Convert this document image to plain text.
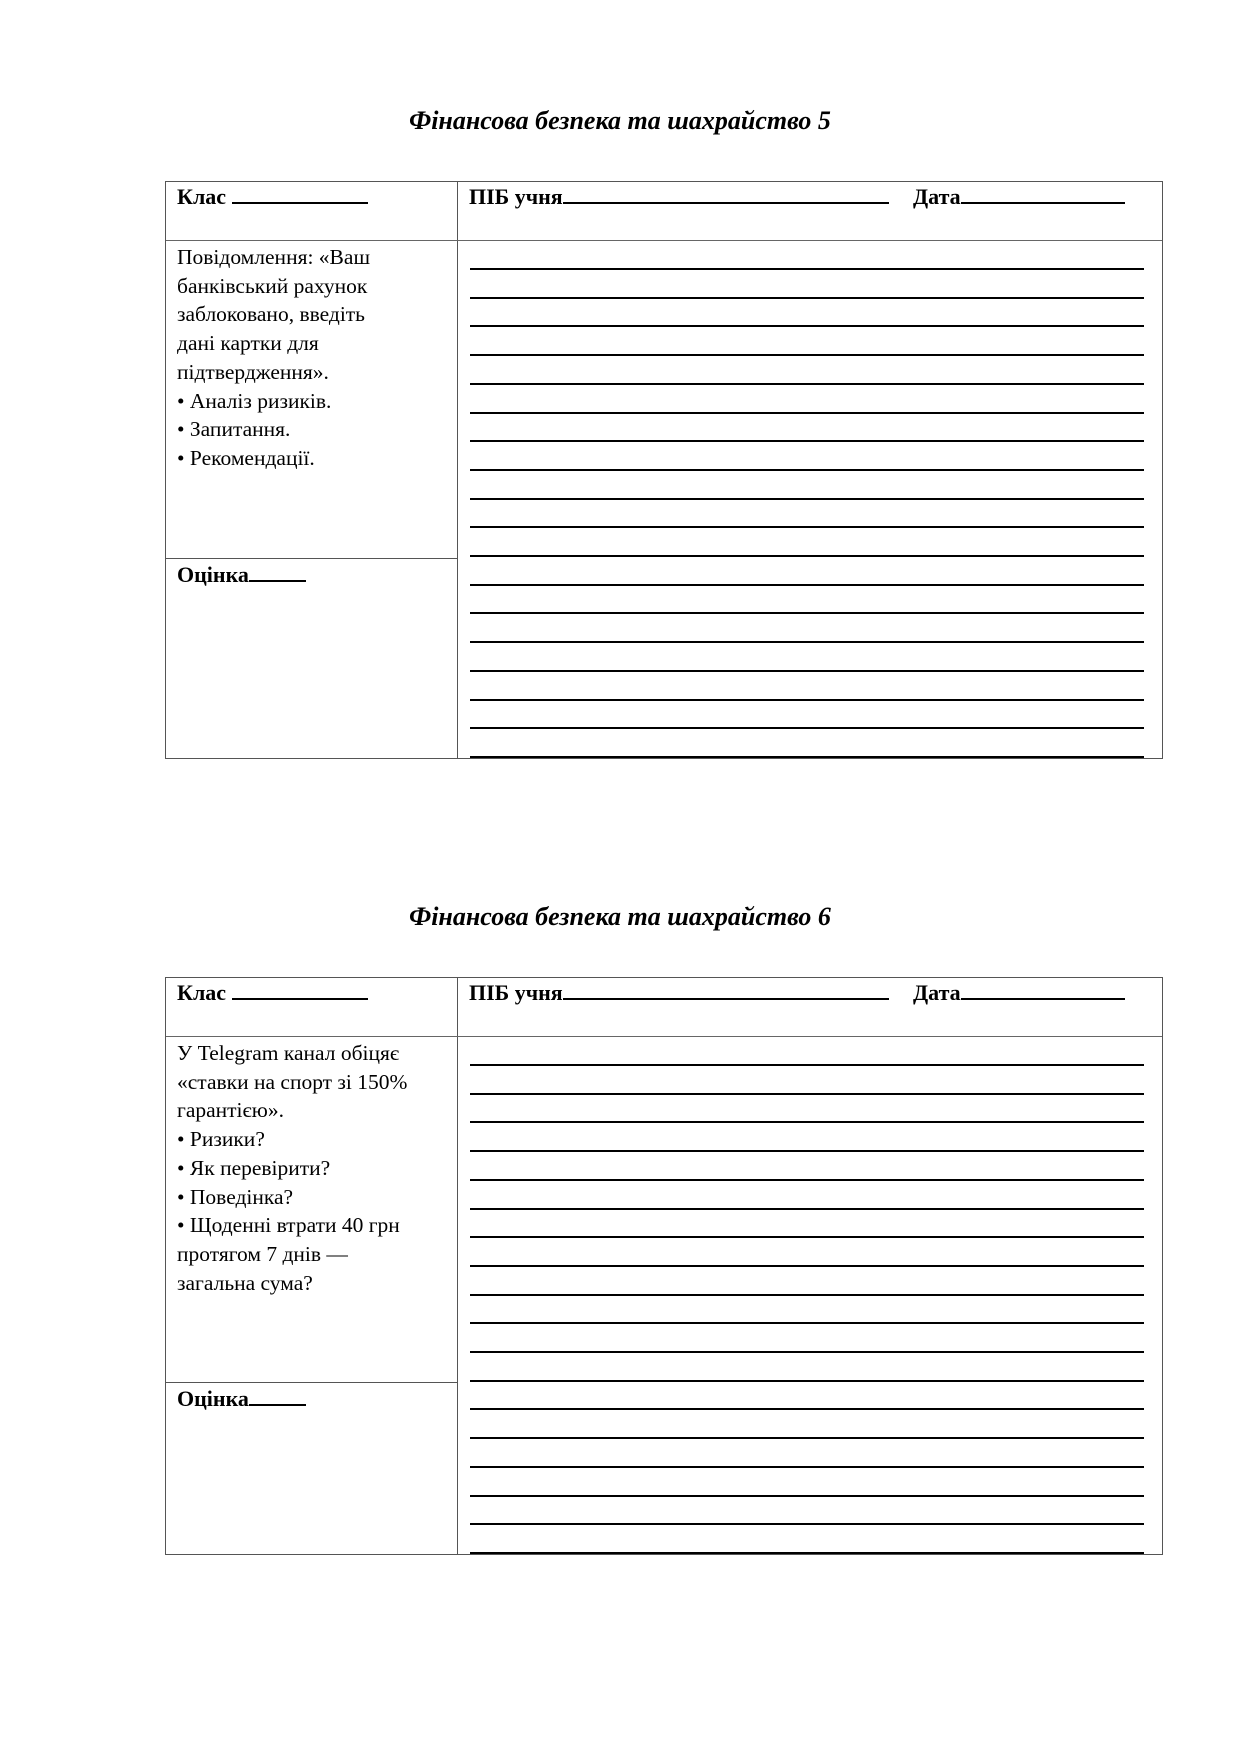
Фінансова безпека та шахрайство 5
Клас	ПІБ учня	Дата
Повідомлення: «Ваш
банківський рахунок
заблоковано, введіть
дані картки для
підтвердження».
• Аналіз ризиків.
• Запитання.
• Рекомендації.
Оцінка
Фінансова безпека та шахрайство 6
Клас	ПІБ учня	Дата
У Telegram канал обіцяє
«ставки на спорт зі 150%
гарантією».
• Ризики?
• Як перевірити?
• Поведінка?
• Щоденні втрати 40 грн
протягом 7 днів —
загальна сума?
Оцінка
